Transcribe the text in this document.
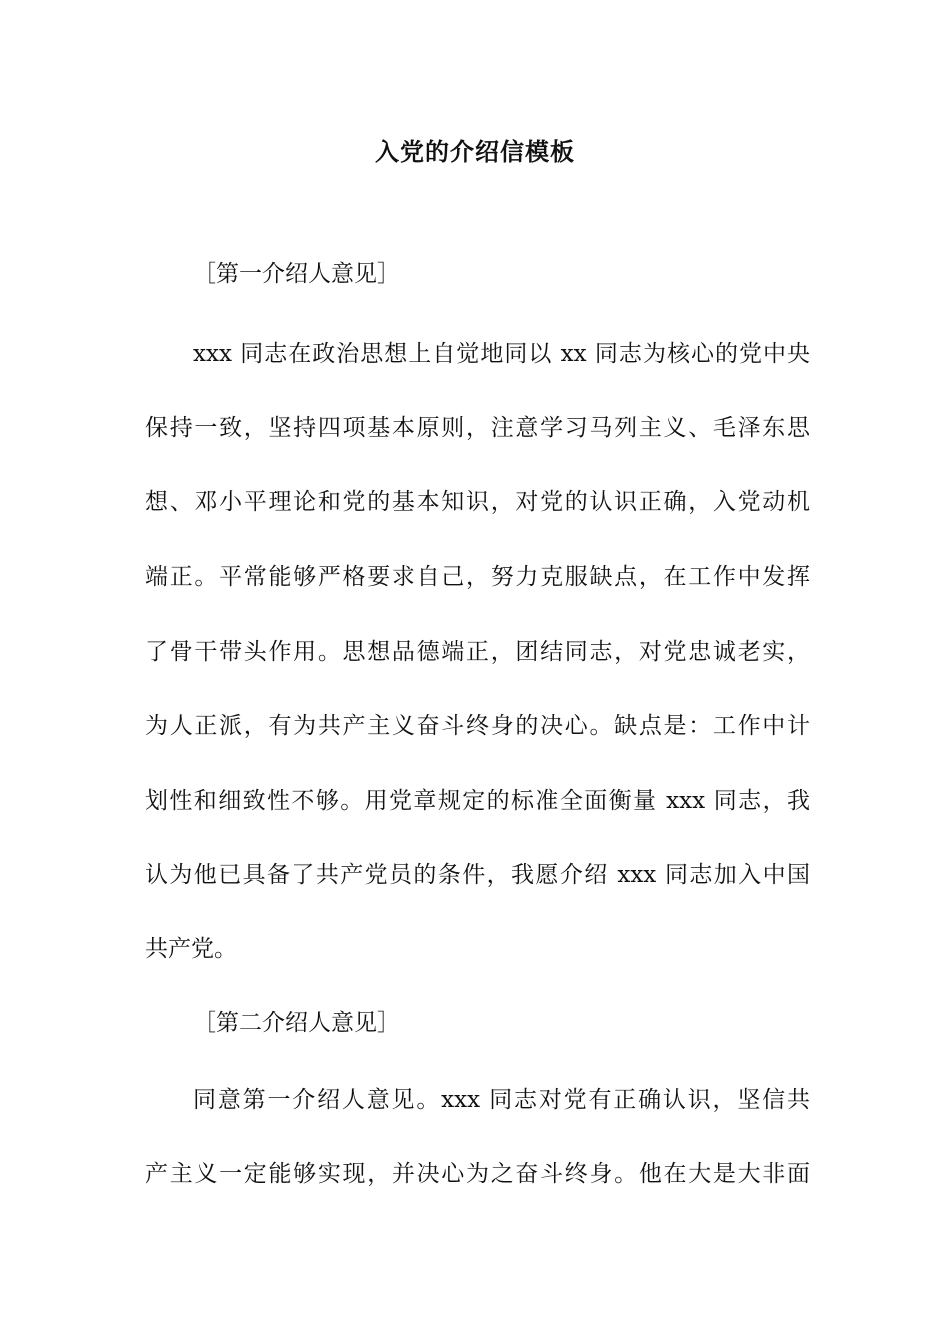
入党的介绍信模板
［第一介绍人意见］
xxx 同志在政治思想上自觉地同以 xx 同志为核心的党中央
保持一致，坚持四项基本原则，注意学习马列主义、毛泽东思
想、邓小平理论和党的基本知识，对党的认识正确，入党动机
端正。平常能够严格要求自己，努力克服缺点，在工作中发挥
了骨干带头作用。思想品德端正，团结同志，对党忠诚老实，
为人正派，有为共产主义奋斗终身的决心。缺点是：工作中计
划性和细致性不够。用党章规定的标准全面衡量 xxx 同志，我
认为他已具备了共产党员的条件，我愿介绍 xxx 同志加入中国
共产党。
［第二介绍人意见］
同意第一介绍人意见。xxx 同志对党有正确认识，坚信共
产主义一定能够实现，并决心为之奋斗终身。他在大是大非面
